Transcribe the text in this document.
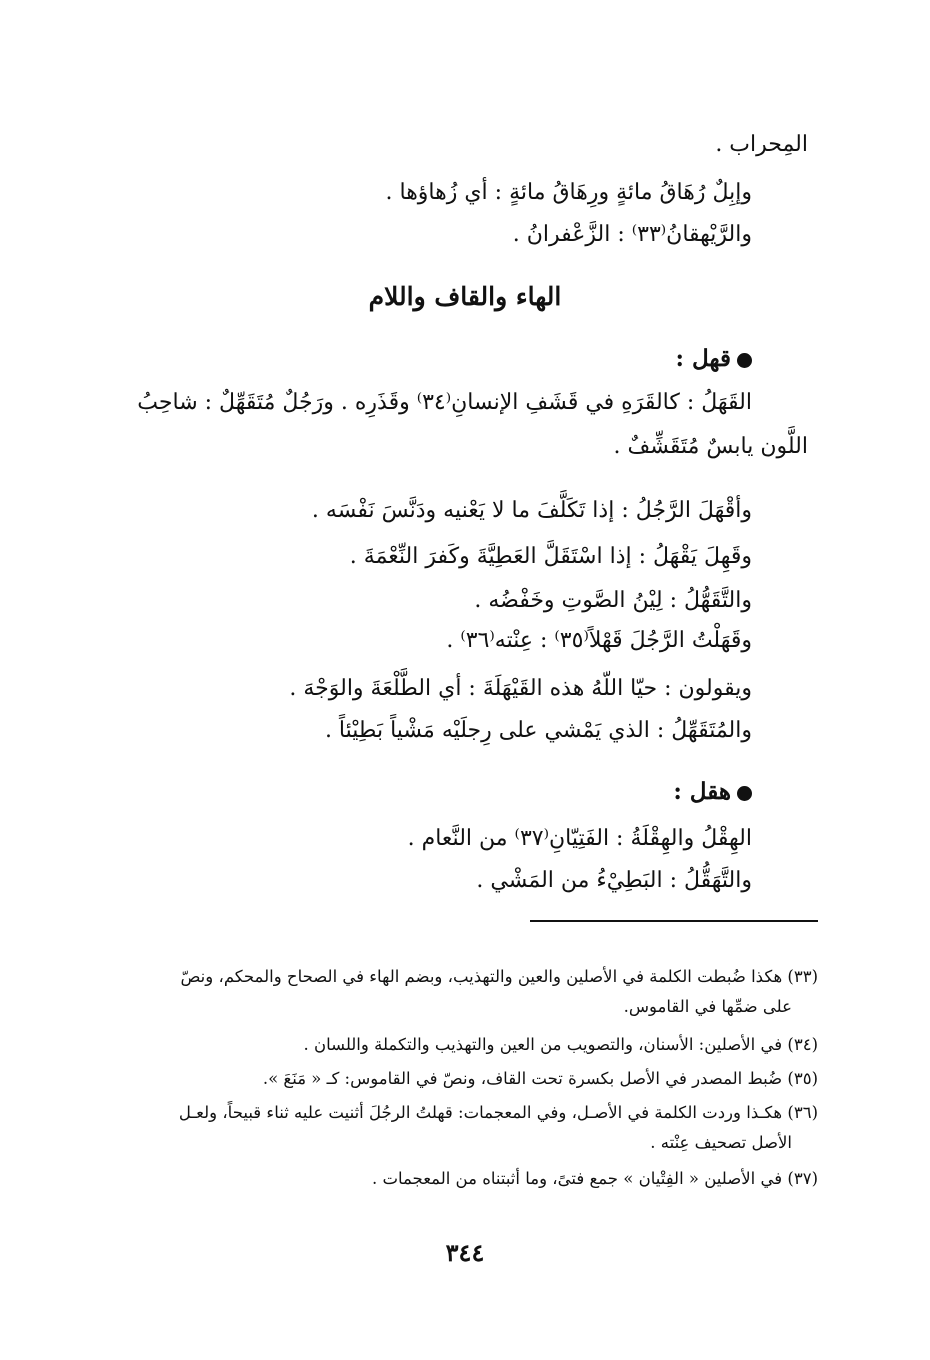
المِحراب .
وإبِلٌ رُهَاقُ مائةٍ ورِهَاقُ مائةٍ : أي زُهاؤها .
والرَّيْهقانُ⁽٣٣⁾ : الزَّعْفرانُ .
الهاء والقاف واللام
قهل :
القَهَلُ : كالقَرَهِ في قَشَفِ الإنسانِ⁽٣٤⁾ وقَذَرِه . ورَجُلٌ مُتَقَهِّلٌ : شاحِبُ
اللَّون يابسٌ مُتَقَشِّفٌ .
وأقْهَلَ الرَّجُلُ : إذا تَكَلَّفَ ما لا يَعْنيه ودَنَّسَ نَفْسَه .
وقَهِلَ يَقْهَلُ : إذا اسْتَقَلَّ العَطِيَّةَ وكَفرَ النِّعْمَةَ .
والتَّقَهُّلُ : لِيْنُ الصَّوتِ وخَفْضُه .
وقَهَلْتُ الرَّجُلَ قَهْلاً⁽٣٥⁾ : عِنْته⁽٣٦⁾ .
ويقولون : حيّا اللّهُ هذه القَيْهَلَةَ : أي الطَّلْعَةَ والوَجْهَ .
والمُتَقَهِّلُ : الذي يَمْشي على رِجلَيْه مَشْياً بَطِيْئاً .
هقل :
الهِقْلُ والهِقْلَةُ : الفَتِيّانِ⁽٣٧⁾ من النَّعام .
والتَّهَقُّلُ : البَطِيْءُ من المَشْي .
(٣٣) هكذا ضُبطت الكلمة في الأصلين والعين والتهذيب، وبضم الهاء في الصحاح والمحكم، ونصّ
على ضمِّها في القاموس.
(٣٤) في الأصلين: الأسنان، والتصويب من العين والتهذيب والتكملة واللسان .
(٣٥) ضُبط المصدر في الأصل بكسرة تحت القاف، ونصّ في القاموس: كـ « مَنَعَ ».
(٣٦) هكـذا وردت الكلمة في الأصـل، وفي المعجمات: قهلتُ الرجُلَ أثنيت عليه ثناء قبيحاً، ولعـل
الأصل تصحيف عِنْته .
(٣٧) في الأصلين « الفِتْيان » جمع فتىً، وما أثبتناه من المعجمات .
٣٤٤
